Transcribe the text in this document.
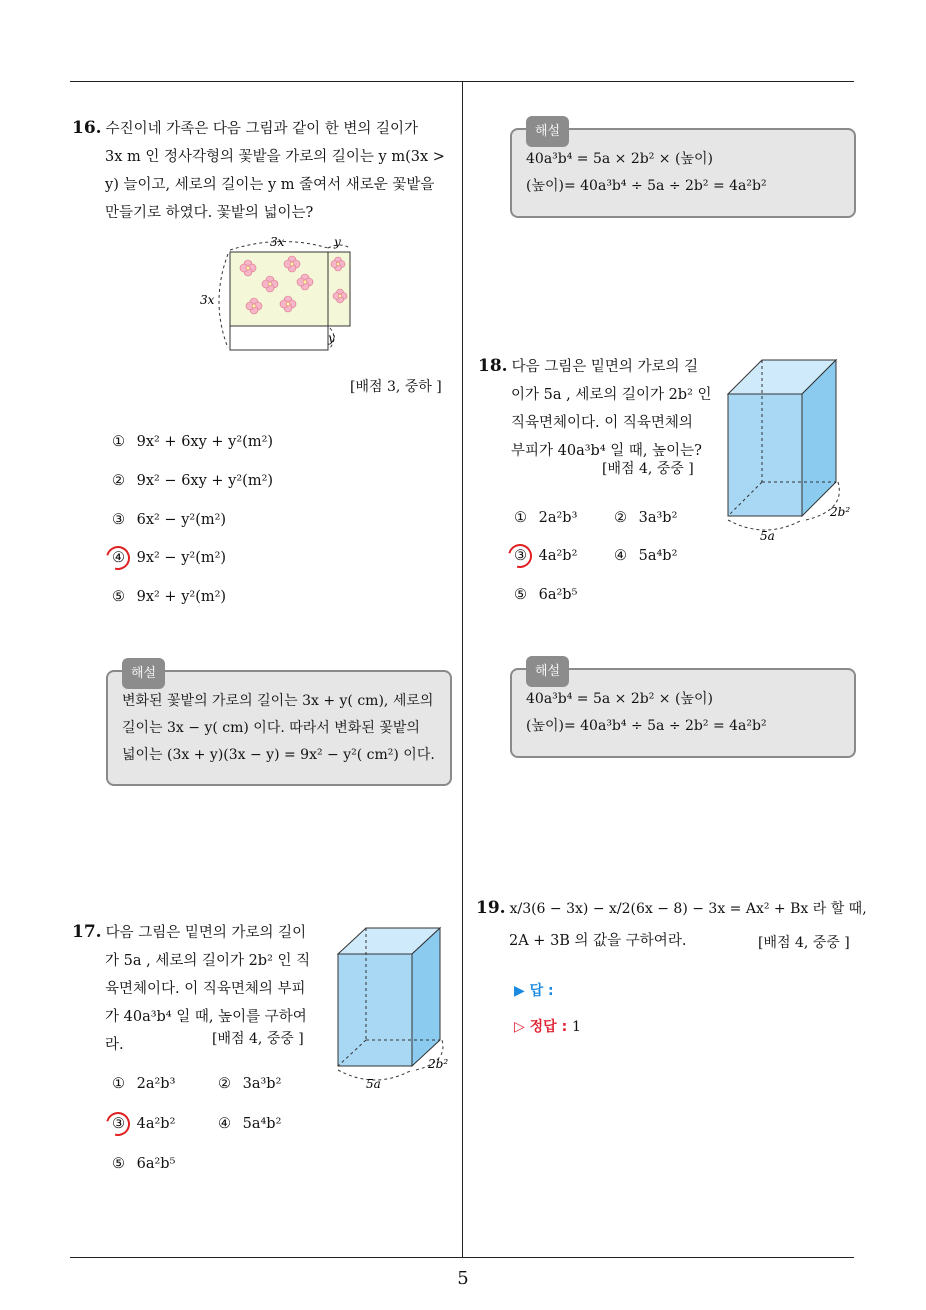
16. 수진이네 가족은 다음 그림과 같이 한 변의 길이가
3x m 인 정사각형의 꽃밭을 가로의 길이는 y m(3x >
y) 늘이고, 세로의 길이는 y m 줄여서 새로운 꽃밭을
만들기로 하였다. 꽃밭의 넓이는?
3x
3x
y
y
[배점 3, 중하 ]
① 9x² + 6xy + y²(m²)
② 9x² − 6xy + y²(m²)
③ 6x² − y²(m²)
④ 9x² − y²(m²)
⑤ 9x² + y²(m²)
해설
변화된 꽃밭의 가로의 길이는 3x + y( cm), 세로의
길이는 3x − y( cm) 이다. 따라서 변화된 꽃밭의
넓이는 (3x + y)(3x − y) = 9x² − y²( cm²) 이다.
17. 다음 그림은 밑면의 가로의 길이
가 5a , 세로의 길이가 2b² 인 직
육면체이다. 이 직육면체의 부피
가 40a³b⁴ 일 때, 높이를 구하여
라.	[배점 4, 중중 ]
5a
2b²
① 2a²b³	② 3a³b²
③ 4a²b²	④ 5a⁴b²
⑤ 6a²b⁵
해설
40a³b⁴ = 5a × 2b² × (높이)
(높이)= 40a³b⁴ ÷ 5a ÷ 2b² = 4a²b²
18. 다음 그림은 밑면의 가로의 길
이가 5a , 세로의 길이가 2b² 인
직육면체이다. 이 직육면체의
부피가 40a³b⁴ 일 때, 높이는?
[배점 4, 중중 ]
5a
2b²
① 2a²b³	② 3a³b²
③ 4a²b²	④ 5a⁴b²
⑤ 6a²b⁵
해설
40a³b⁴ = 5a × 2b² × (높이)
(높이)= 40a³b⁴ ÷ 5a ÷ 2b² = 4a²b²
19. x/3(6 − 3x) − x/2(6x − 8) − 3x = Ax² + Bx 라 할 때,
2A + 3B 의 값을 구하여라.	[배점 4, 중중 ]
▶ 답 :
▷ 정답 : 1
5
